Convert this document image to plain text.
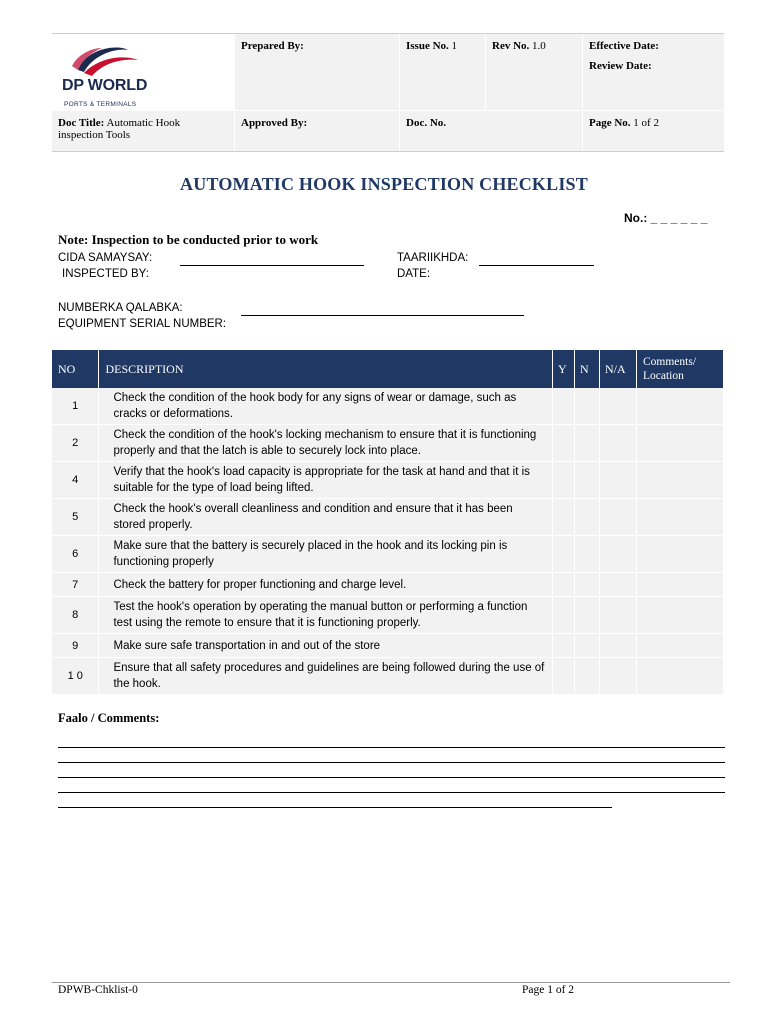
DP WORLD
PORTS & TERMINALS
Prepared By:	Issue No. 1	Rev No. 1.0	Effective Date:
Review Date:
Doc Title: Automatic Hook inspection Tools
Approved By:	Doc. No.	Page No. 1 of 2
AUTOMATIC HOOK INSPECTION CHECKLIST
No.: _ _ _ _ _ _
Note: Inspection to be conducted prior to work
CIDA SAMAYSAY:
INSPECTED BY:
TAARIIKHDA:
DATE:
NUMBERKA QALABKA:
EQUIPMENT SERIAL NUMBER:
NO	DESCRIPTION	Y	N	N/A	Comments/ Location
1	Check the condition of the hook body for any signs of wear or damage, such as cracks or deformations.				
2	Check the condition of the hook's locking mechanism to ensure that it is functioning properly and that the latch is able to securely lock into place.				
4	Verify that the hook's load capacity is appropriate for the task at hand and that it is suitable for the type of load being lifted.				
5	Check the hook's overall cleanliness and condition and ensure that it has been stored properly.				
6	Make sure that the battery is securely placed in the hook and its locking pin is functioning properly				
7	Check the battery for proper functioning and charge level.				
8	Test the hook's operation by operating the manual button or performing a function test using the remote to ensure that it is functioning properly.				
9	Make sure safe transportation in and out of the store				
1 0	Ensure that all safety procedures and guidelines are being followed during the use of the hook.				
Faalo / Comments:
DPWB-Chklist-0	Page 1 of 2
